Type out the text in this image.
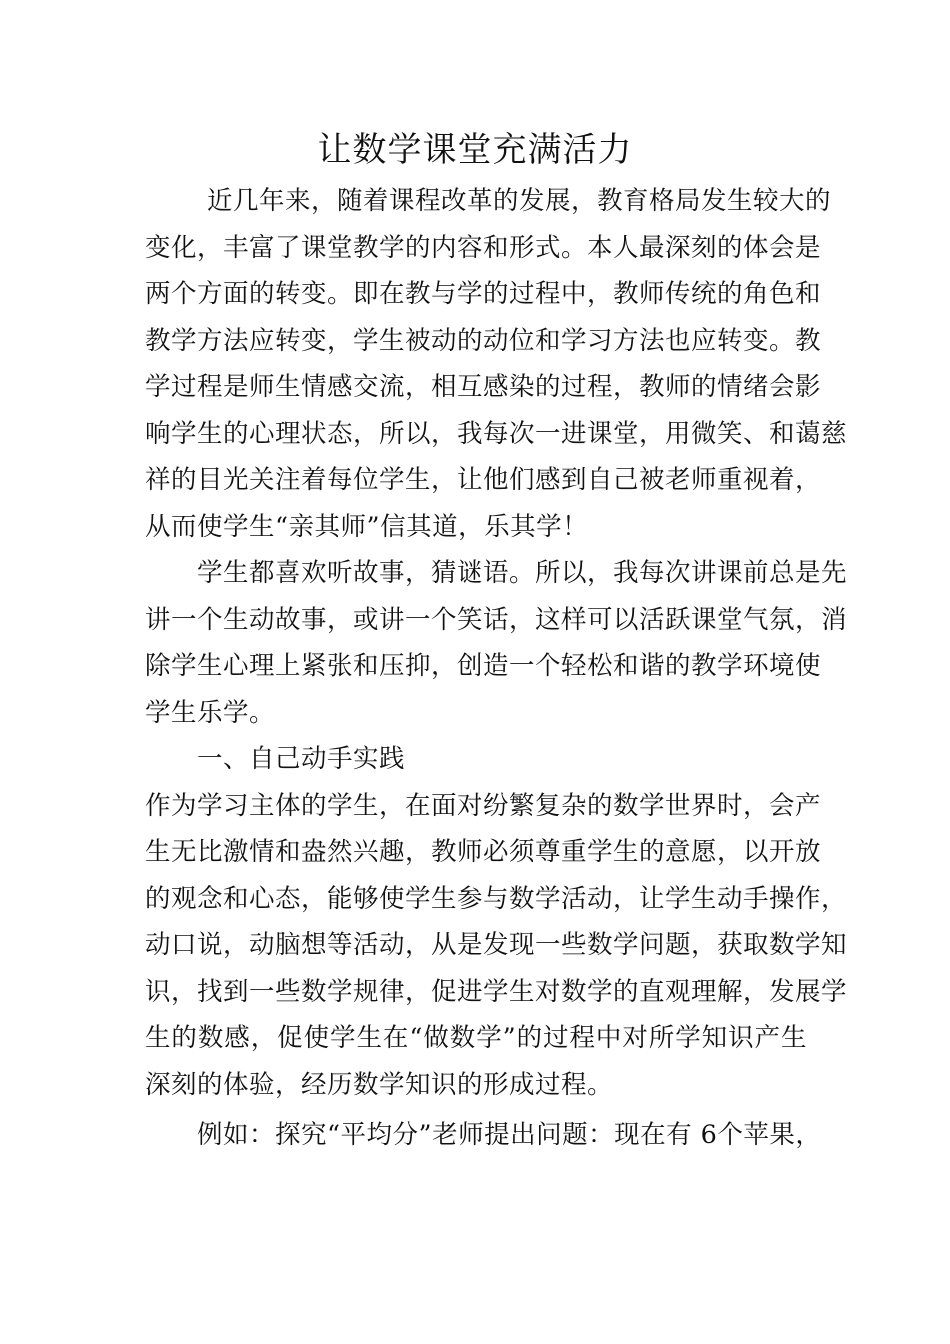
让数学课堂充满活力
近几年来，随着课程改革的发展，教育格局发生较大的
变化，丰富了课堂教学的内容和形式。本人最深刻的体会是
两个方面的转变。即在教与学的过程中，教师传统的角色和
教学方法应转变，学生被动的动位和学习方法也应转变。教
学过程是师生情感交流，相互感染的过程，教师的情绪会影
响学生的心理状态，所以，我每次一进课堂，用微笑、和蔼慈
祥的目光关注着每位学生，让他们感到自己被老师重视着，
从而使学生“亲其师”信其道，乐其学！
学生都喜欢听故事，猜谜语。所以，我每次讲课前总是先
讲一个生动故事，或讲一个笑话，这样可以活跃课堂气氛，消
除学生心理上紧张和压抑，创造一个轻松和谐的教学环境使
学生乐学。
一、自己动手实践
作为学习主体的学生，在面对纷繁复杂的数学世界时，会产
生无比激情和盎然兴趣，教师必须尊重学生的意愿，以开放
的观念和心态，能够使学生参与数学活动，让学生动手操作，
动口说，动脑想等活动，从是发现一些数学问题，获取数学知
识，找到一些数学规律，促进学生对数学的直观理解，发展学
生的数感，促使学生在“做数学”的过程中对所学知识产生
深刻的体验，经历数学知识的形成过程。
例如：探究“平均分”老师提出问题：现在有 6个苹果，
